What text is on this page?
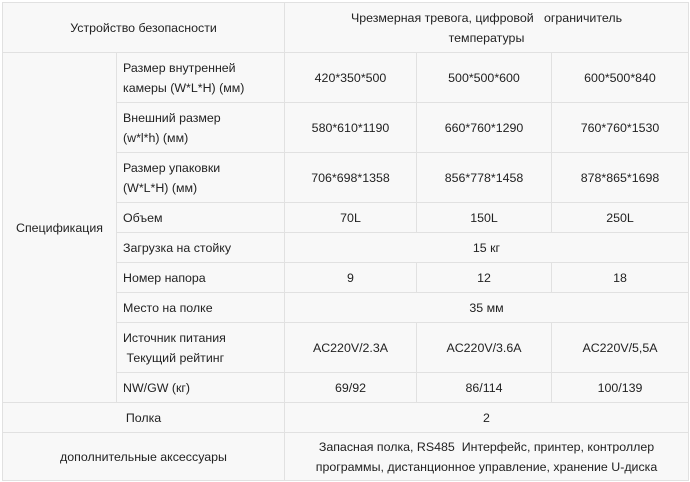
Устройство безопасности		Чрезмерная тревога, цифровой   ограничитель
температуры		
Спецификация	Размер внутренней
камеры (W*L*H) (мм)	420*350*500	500*500*600	600*500*840
	Внешний размер
(w*l*h) (мм)	580*610*1190	660*760*1290	760*760*1530
	Размер упаковки
(W*L*H) (мм)	706*698*1358	856*778*1458	878*865*1698
	Объем	70L	150L	250L
	Загрузка на стойку	15 кг		
	Номер напора	9	12	18
	Место на полке	35 мм		
	Источник питания
Текущий рейтинг	AC220V/2.3A	AC220V/3.6A	AC220V/5,5A
	NW/GW (кг)	69/92	86/114	100/139
Полка		2		
дополнительные аксессуары		Запасная полка, RS485  Интерфейс, принтер, контроллер
программы, дистанционное управление, хранение U-диска		
